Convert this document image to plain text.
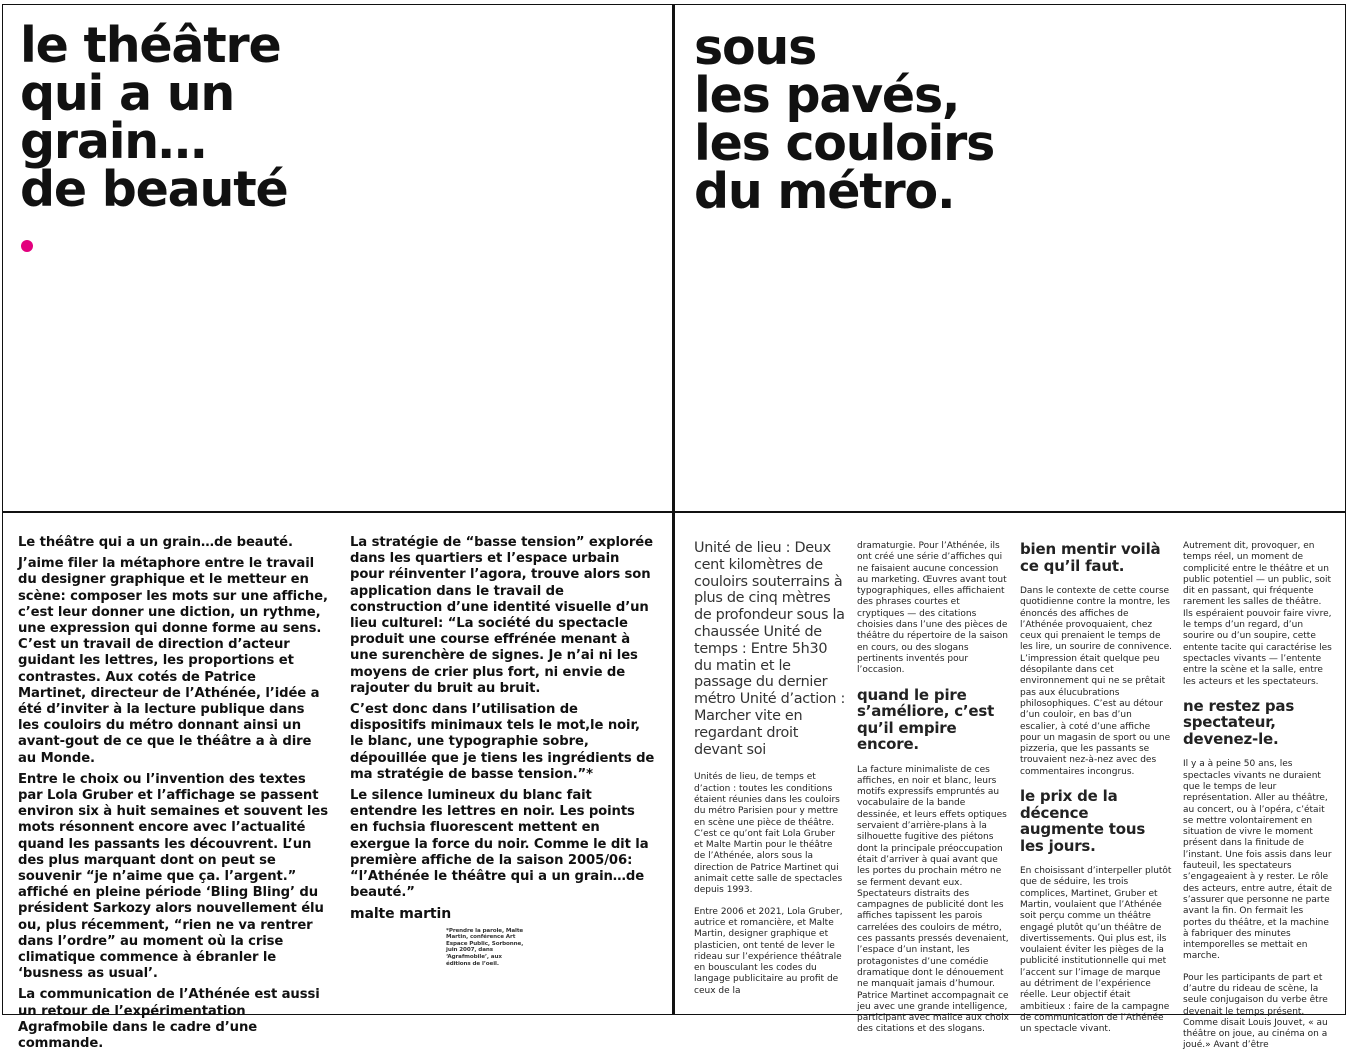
le théâtre
qui a un
grain…
de beauté
sous
les pavés,
les couloirs
du métro.

Le théâtre qui a un grain…de beauté.

J’aime filer la métaphore entre le travail du designer graphique et le metteur en scène: composer les mots sur une affiche, c’est leur donner une diction, un rythme, une expression qui donne forme au sens. C’est un travail de direction d’acteur guidant les lettres, les proportions et contrastes. Aux cotés de Patrice Martinet, directeur de l’Athénée, l’idée a été d’inviter à la lecture publique dans les couloirs du métro donnant ainsi un avant-gout de ce que le théâtre a à dire au Monde.

Entre le choix ou l’invention des textes par Lola Gruber et l’affichage se passent environ six à huit semaines et souvent les mots résonnent encore avec l’actualité quand les passants les découvrent. L’un des plus marquant dont on peut se souvenir “je n’aime que ça. l’argent.” affiché en pleine période ‘Bling Bling’ du président Sarkozy alors nouvellement élu ou, plus récemment, “rien ne va rentrer dans l’ordre” au moment où la crise climatique commence à ébranler le ‘busness as usual’.

La communication de l’Athénée est aussi un retour de l’expérimentation Agrafmobile dans le cadre d’une commande.

La stratégie de “basse tension” explorée dans les quartiers et l’espace urbain pour réinventer l’agora, trouve alors son application dans le travail de construction d’une identité visuelle d’un lieu culturel: “La société du spectacle produit une course effrénée menant à une surenchère de signes. Je n’ai ni les moyens de crier plus fort, ni envie de rajouter du bruit au bruit.

C’est donc dans l’utilisation de dispositifs minimaux tels le mot,le noir, le blanc, une typographie sobre, dépouillée que je tiens les ingrédients de ma stratégie de basse tension.”*

Le silence lumineux du blanc fait entendre les lettres en noir. Les points en fuchsia fluorescent mettent en exergue la force du noir. Comme le dit la première affiche de la saison 2005/06: “l’Athénée le théâtre qui a un grain…de beauté.”

malte martin

*Prendre la parole, Malte Martin, conférence Art Espace Public, Sorbonne, juin 2007, dans ‘Agrafmobile’, aux éditions de l’oeil.
Unité de lieu : Deux cent kilomètres de couloirs souterrains à plus de cinq mètres de profondeur sous la chaussée Unité de temps : Entre 5h30 du matin et le passage du dernier métro Unité d’action : Marcher vite en regardant droit devant soi

Unités de lieu, de temps et d’action : toutes les conditions étaient réunies dans les couloirs du métro Parisien pour y mettre en scène une pièce de théâtre. C’est ce qu’ont fait Lola Gruber et Malte Martin pour le théâtre de l’Athénée, alors sous la direction de Patrice Martinet qui animait cette salle de spectacles depuis 1993.

Entre 2006 et 2021, Lola Gruber, autrice et romancière, et Malte Martin, designer graphique et plasticien, ont tenté de lever le rideau sur l’expérience théâtrale en bousculant les codes du langage publicitaire au profit de ceux de la

dramaturgie. Pour l’Athénée, ils ont créé une série d’affiches qui ne faisaient aucune concession au marketing. Œuvres avant tout typographiques, elles affichaient des phrases courtes et cryptiques — des citations choisies dans l’une des pièces de théâtre du répertoire de la saison en cours, ou des slogans pertinents inventés pour l’occasion.

quand le pire s’améliore, c’est qu’il empire encore.

La facture minimaliste de ces affiches, en noir et blanc, leurs motifs expressifs empruntés au vocabulaire de la bande dessinée, et leurs effets optiques servaient d’arrière-plans à la silhouette fugitive des piétons dont la principale préoccupation était d’arriver à quai avant que les portes du prochain métro ne se ferment devant eux. Spectateurs distraits des campagnes de publicité dont les affiches tapissent les parois carrelées des couloirs de métro, ces passants pressés devenaient, l’espace d’un instant, les protagonistes d’une comédie dramatique dont le dénouement ne manquait jamais d’humour. Patrice Martinet accompagnait ce jeu avec une grande intelligence, participant avec malice aux choix des citations et des slogans.

bien mentir voilà ce qu’il faut.

Dans le contexte de cette course quotidienne contre la montre, les énoncés des affiches de l’Athénée provoquaient, chez ceux qui prenaient le temps de les lire, un sourire de connivence. L’impression était quelque peu désopilante dans cet environnement qui ne se prêtait pas aux élucubrations philosophiques. C’est au détour d’un couloir, en bas d’un escalier, à coté d’une affiche pour un magasin de sport ou une pizzeria, que les passants se trouvaient nez-à-nez avec des commentaires incongrus.

le prix de la décence augmente tous les jours.

En choisissant d’interpeller plutôt que de séduire, les trois complices, Martinet, Gruber et Martin, voulaient que l’Athénée soit perçu comme un théâtre engagé plutôt qu’un théâtre de divertissements. Qui plus est, ils voulaient éviter les pièges de la publicité institutionnelle qui met l’accent sur l’image de marque au détriment de l’expérience réelle. Leur objectif était ambitieux : faire de la campagne de communication de l’Athénée un spectacle vivant.

Autrement dit, provoquer, en temps réel, un moment de complicité entre le théâtre et un public potentiel — un public, soit dit en passant, qui fréquente rarement les salles de théâtre. Ils espéraient pouvoir faire vivre, le temps d’un regard, d’un sourire ou d’un soupire, cette entente tacite qui caractérise les spectacles vivants — l’entente entre la scène et la salle, entre les acteurs et les spectateurs.

ne restez pas spectateur, devenez-le.

Il y a à peine 50 ans, les spectacles vivants ne duraient que le temps de leur représentation. Aller au théâtre, au concert, ou à l’opéra, c’était se mettre volontairement en situation de vivre le moment présent dans la finitude de l’instant. Une fois assis dans leur fauteuil, les spectateurs s’engageaient à y rester. Le rôle des acteurs, entre autre, était de s’assurer que personne ne parte avant la fin. On fermait les portes du théâtre, et la machine à fabriquer des minutes intemporelles se mettait en marche.

Pour les participants de part et d’autre du rideau de scène, la seule conjugaison du verbe être devenait le temps présent. Comme disait Louis Jouvet, « au théâtre on joue, au cinéma on a joué.» Avant d’être
